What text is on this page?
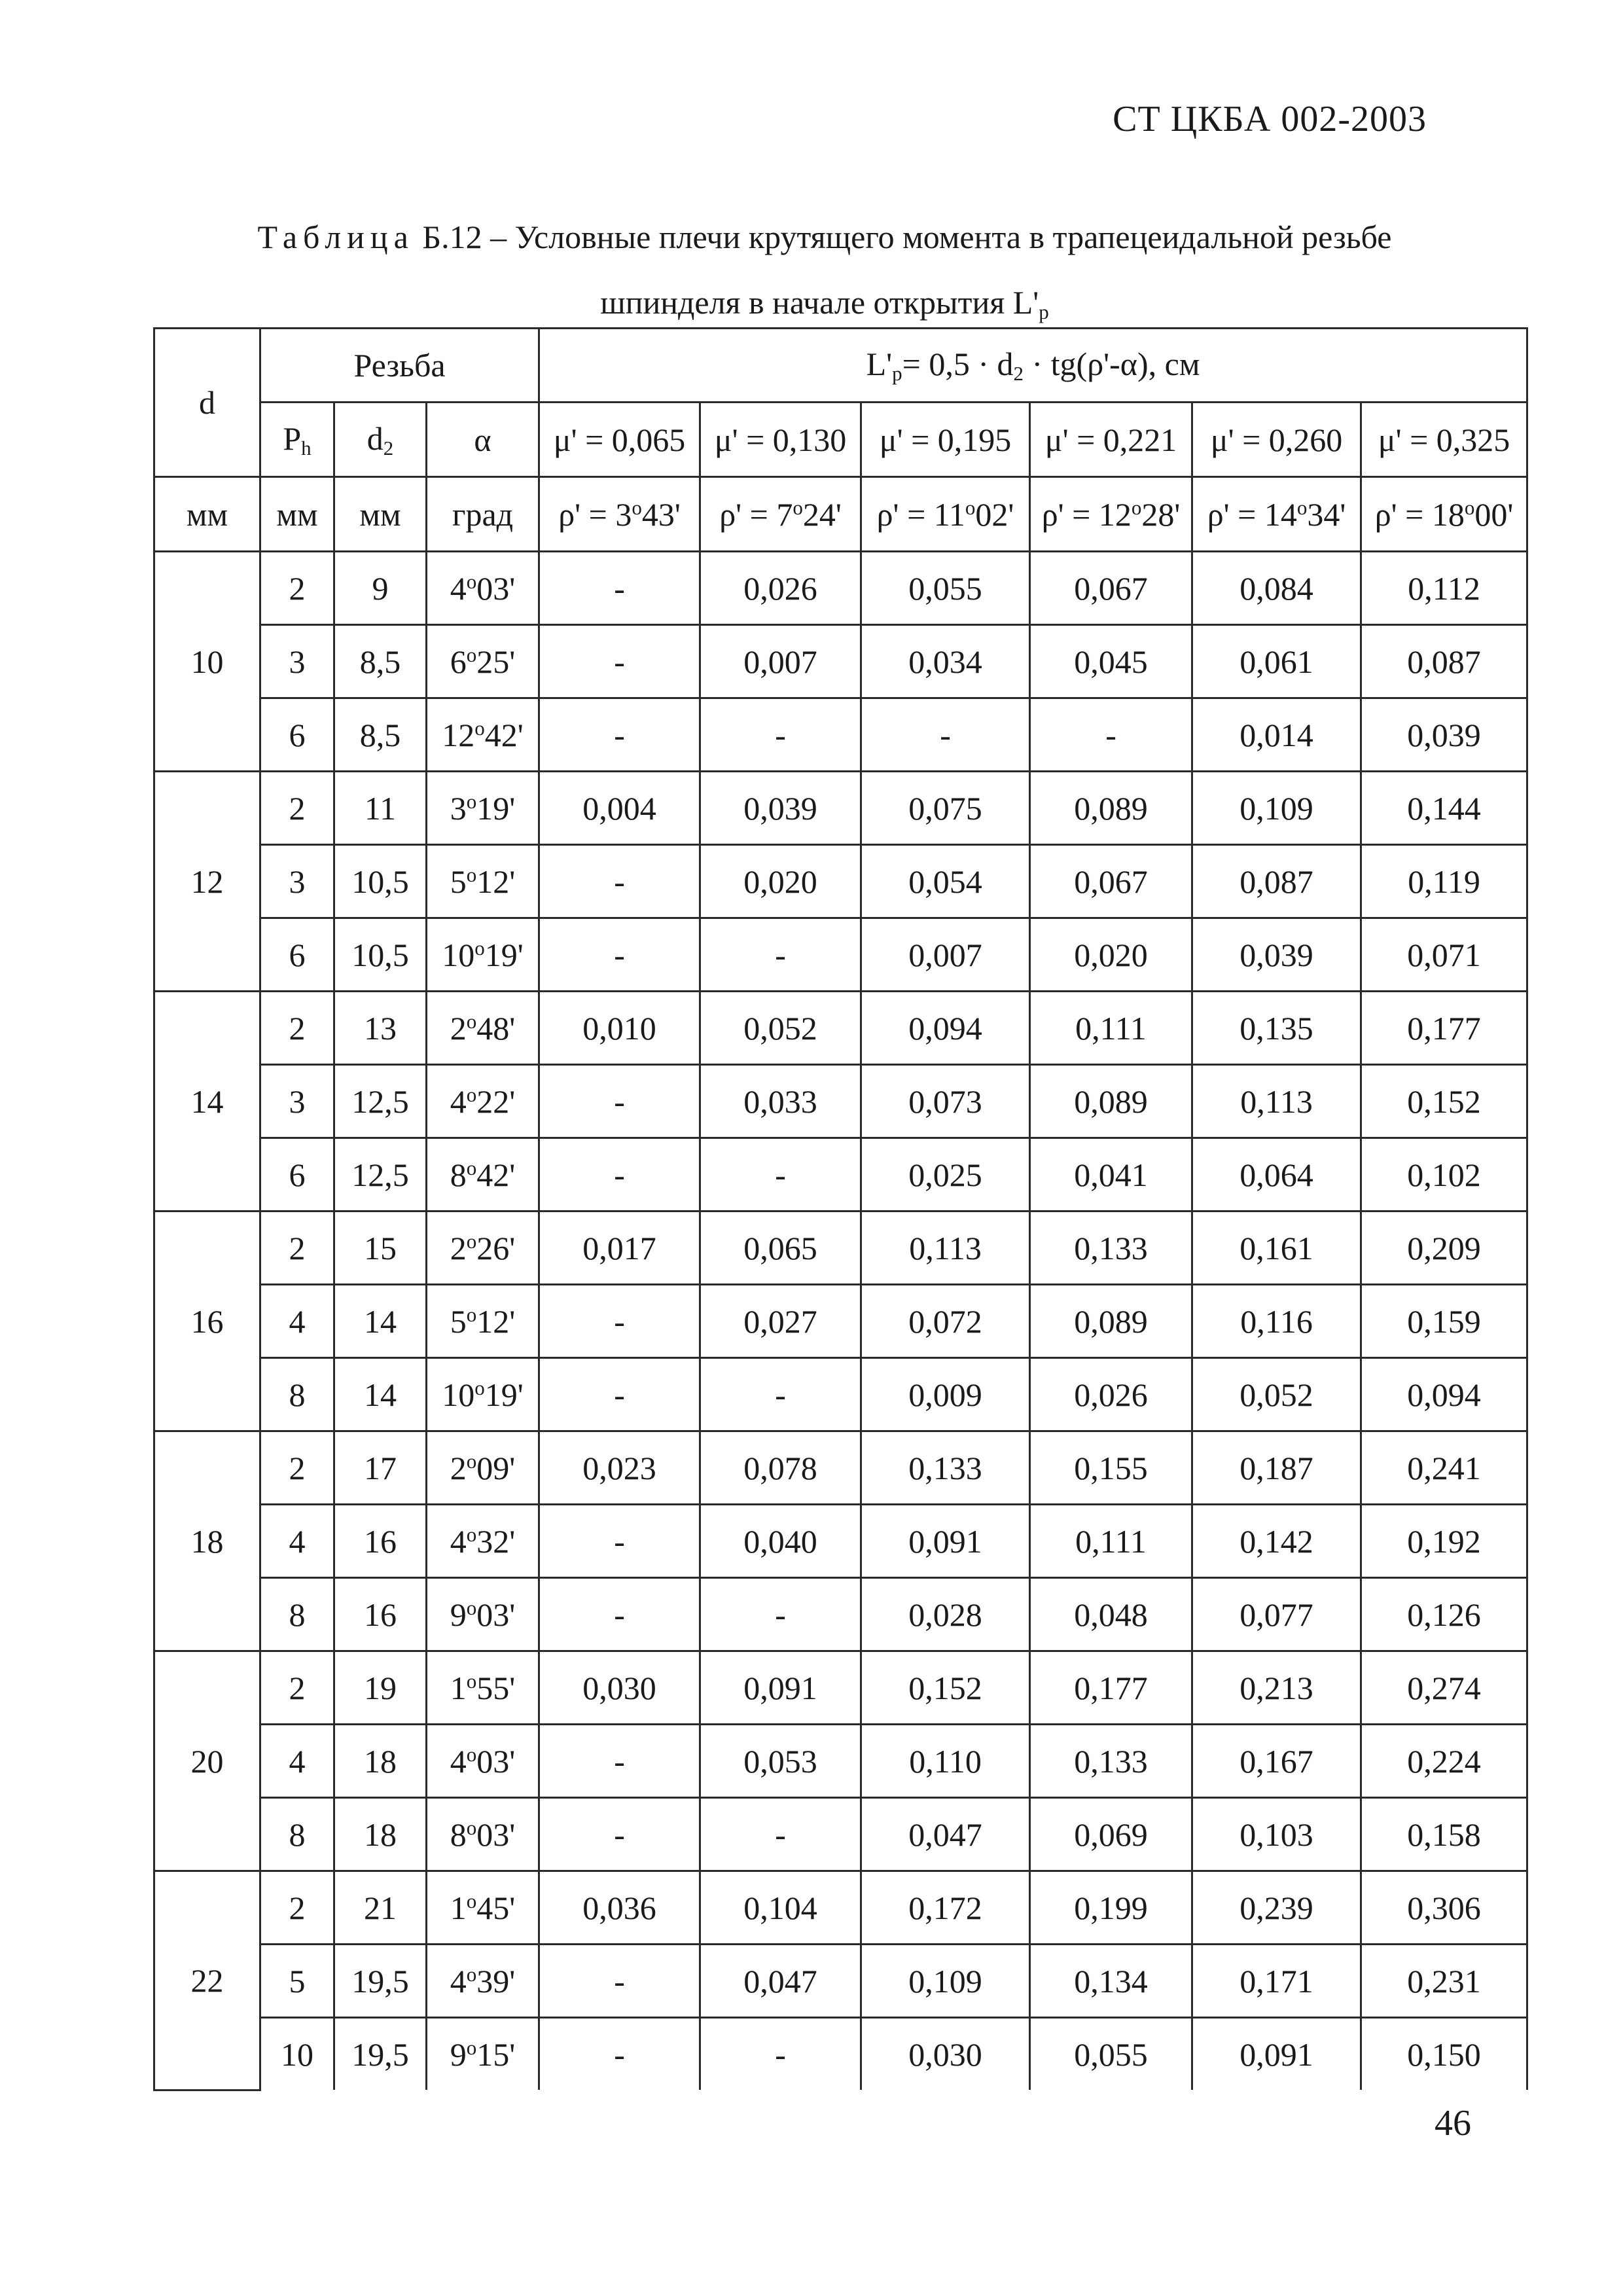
СТ ЦКБА 002-2003
Таблица Б.12 – Условные плечи крутящего момента в трапецеидальной резьбе
шпинделя в начале открытия $L'_р$
d	Резьба			$L'_p= 0,5 \cdot d_2 \cdot tg(\rho'-\alpha)$, см					
	$P_h$	$d_2$	α	μ' = 0,065	μ' = 0,130	μ' = 0,195	μ' = 0,221	μ' = 0,260	μ' = 0,325
мм	мм	мм	град	$\rho' = 3^o43'$	$\rho' = 7^o24'$	$\rho' = 11^o02'$	$\rho' = 12^o28'$	$\rho' = 14^o34'$	$\rho' = 18^o00'$
10	2	9	4$^o$03'	-	0,026	0,055	0,067	0,084	0,112
	3	8,5	6$^o$25'	-	0,007	0,034	0,045	0,061	0,087
	6	8,5	12$^o$42'	-	-	-	-	0,014	0,039
12	2	11	3$^o$19'	0,004	0,039	0,075	0,089	0,109	0,144
	3	10,5	5$^o$12'	-	0,020	0,054	0,067	0,087	0,119
	6	10,5	10$^o$19'	-	-	0,007	0,020	0,039	0,071
14	2	13	2$^o$48'	0,010	0,052	0,094	0,111	0,135	0,177
	3	12,5	4$^o$22'	-	0,033	0,073	0,089	0,113	0,152
	6	12,5	8$^o$42'	-	-	0,025	0,041	0,064	0,102
16	2	15	2$^o$26'	0,017	0,065	0,113	0,133	0,161	0,209
	4	14	5$^o$12'	-	0,027	0,072	0,089	0,116	0,159
	8	14	10$^o$19'	-	-	0,009	0,026	0,052	0,094
18	2	17	2$^o$09'	0,023	0,078	0,133	0,155	0,187	0,241
	4	16	4$^o$32'	-	0,040	0,091	0,111	0,142	0,192
	8	16	9$^o$03'	-	-	0,028	0,048	0,077	0,126
20	2	19	1$^o$55'	0,030	0,091	0,152	0,177	0,213	0,274
	4	18	4$^o$03'	-	0,053	0,110	0,133	0,167	0,224
	8	18	8$^o$03'	-	-	0,047	0,069	0,103	0,158
22	2	21	1$^o$45'	0,036	0,104	0,172	0,199	0,239	0,306
	5	19,5	4$^o$39'	-	0,047	0,109	0,134	0,171	0,231
	10	19,5	9$^o$15'	-	-	0,030	0,055	0,091	0,150
46
